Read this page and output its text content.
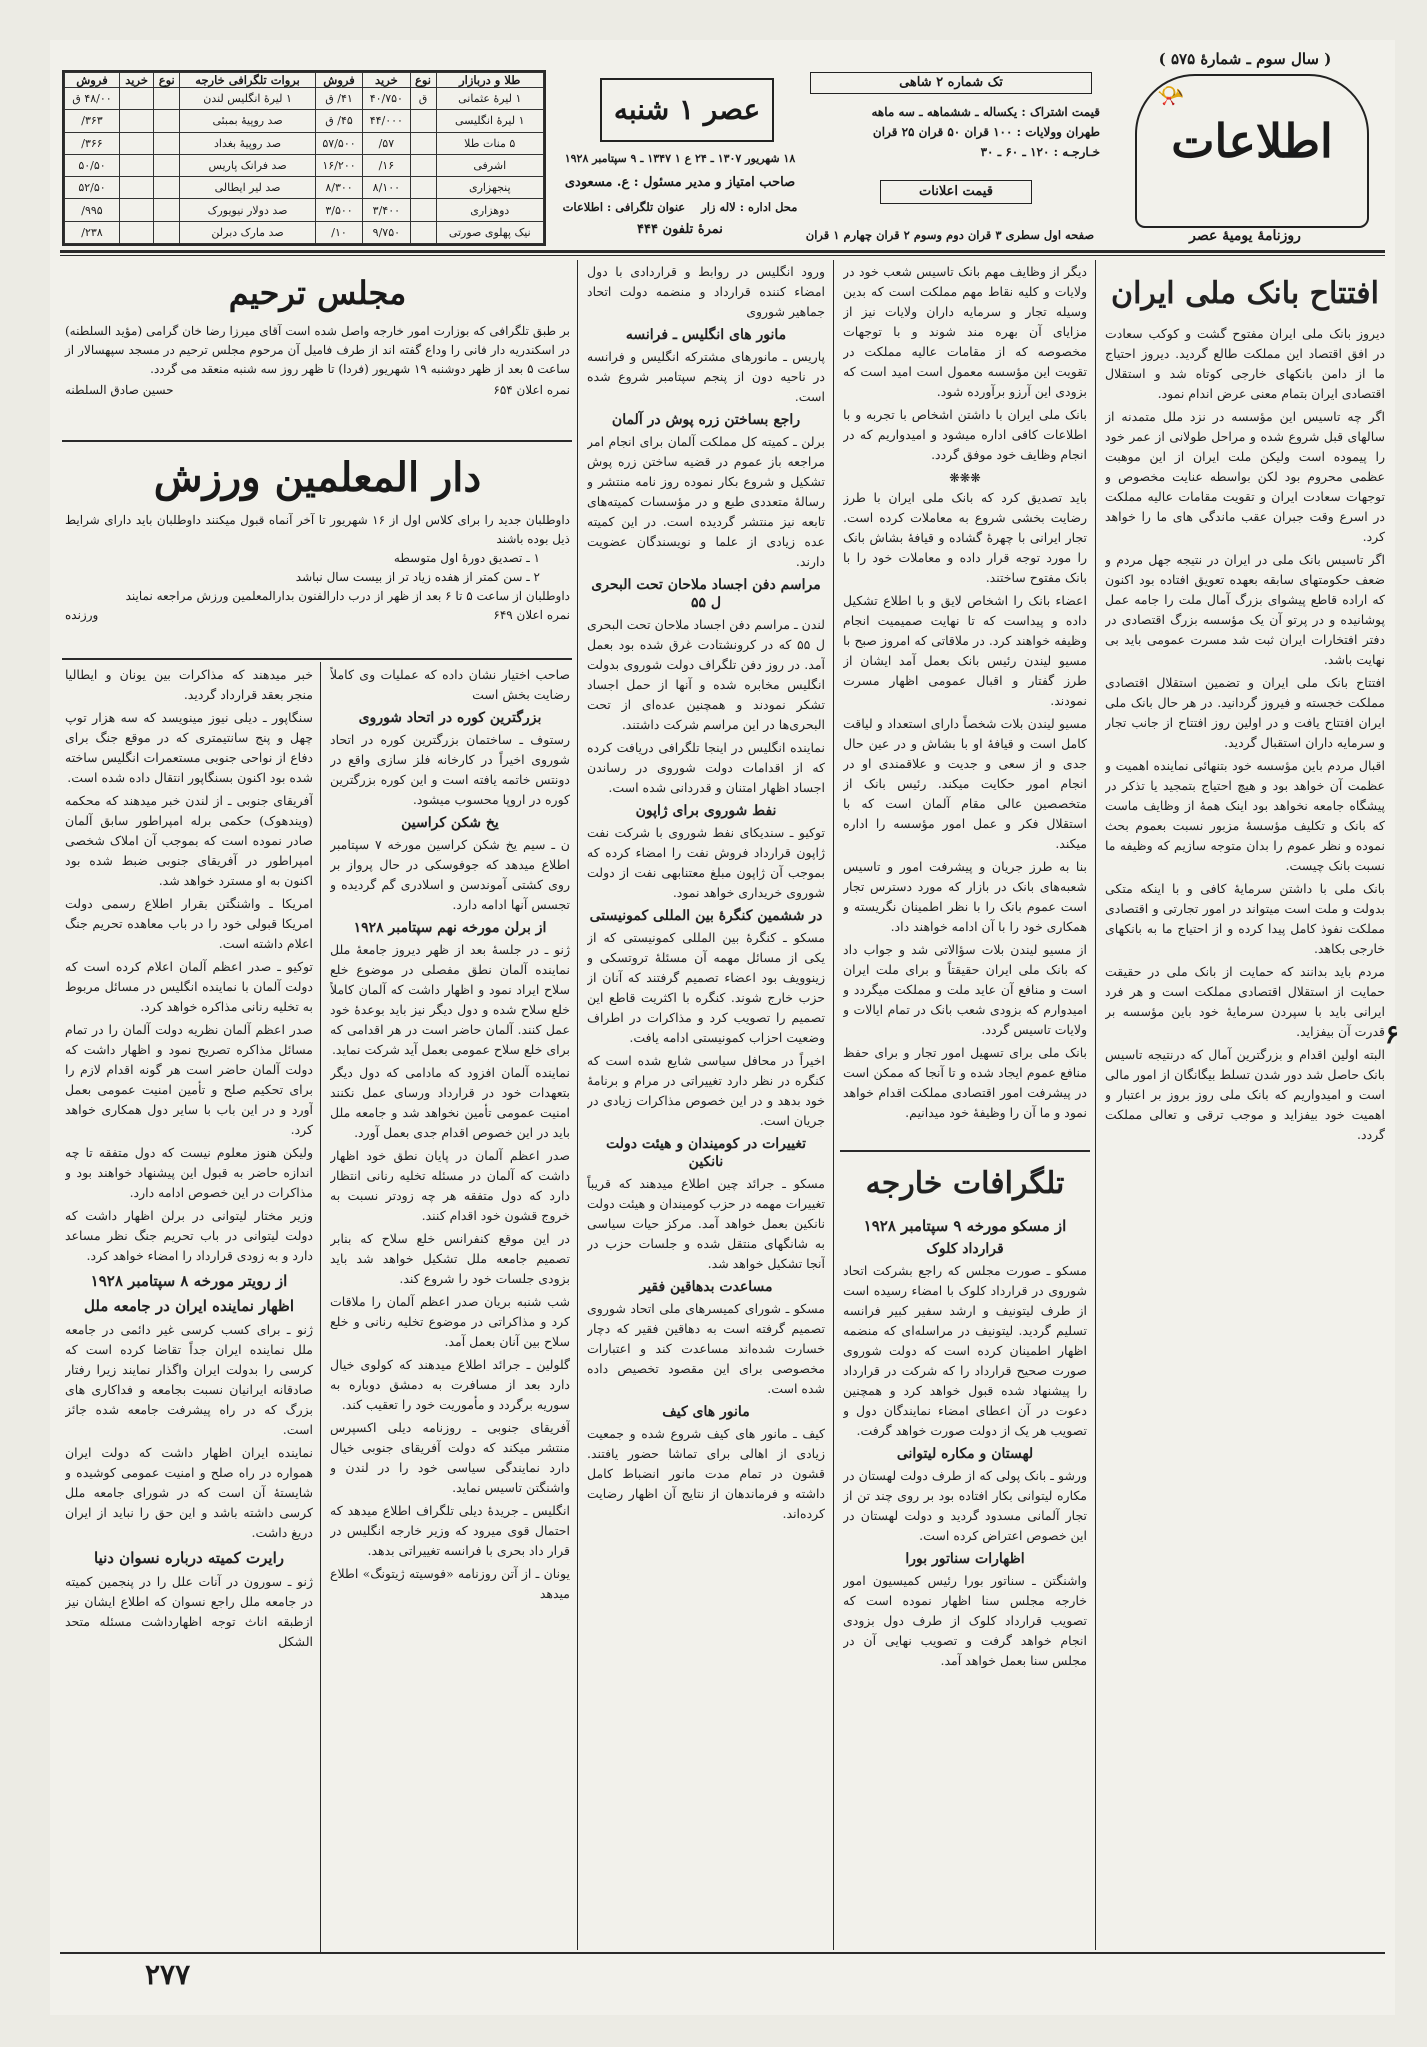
( سال سوم ـ شمارهٔ ۵۷۵ )
اطلاعات
📯
روزنامهٔ یومیهٔ عصر
تک شماره ۲ شاهی
قیمت اشتراک : یکساله ـ ششماهه ـ سه ماهه
طهران وولایات : ۱۰۰ قران ۵۰ قران ۲۵ قران
خـارجـه : ۱۲۰ ـ ۶۰ ـ ۳۰
قیمت اعلانات
صفحه اول سطری ۳ قران دوم وسوم ۲ قران چهارم ۱ قران
عصر ۱ شنبه
۱۸ شهریور ۱۳۰۷ ـ ۲۴ ع ۱ ۱۳۴۷ ـ ۹ سپتامبر ۱۹۲۸
صاحب امتیاز و مدیر مسئول : ع. مسعودی
محل اداره : لاله زار    عنوان تلگرافی : اطلاعات
نمرهٔ تلفون ۴۴۴
طلا و دربازار	نوع	خرید	فروش	بروات تلگرافی خارجه	نوع	خرید	فروش
۱ لیرهٔ عثمانی	ق	۴۰/۷۵۰	۴۱/ ق	۱ لیرهٔ انگلیس لندن			۴۸/۰۰ ق
۱ لیرهٔ انگلیسی		۴۴/۰۰۰	۴۵/ ق	صد روپیهٔ بمبئی			۳۶۳/
۵ منات طلا		۵۷/	۵۷/۵۰۰	صد روپیهٔ بغداد			۳۶۶/
اشرفی		۱۶/	۱۶/۲۰۰	صد فرانک پاریس			۵۰/۵۰
پنجهزاری		۸/۱۰۰	۸/۳۰۰	صد لیر ایطالی			۵۲/۵۰
دوهزاری		۳/۴۰۰	۳/۵۰۰	صد دولار نیویورک			۹۹۵/
نیک پهلوی صورتی		۹/۷۵۰	۱۰/	صد مارک دبرلن			۲۳۸/
افتتاح بانک ملی ایران

دیروز بانک ملی ایران مفتوح گشت و کوکب سعادت در افق اقتصاد این مملکت طالع گردید. دیروز احتیاج ما از دامن بانکهای خارجی کوتاه شد و استقلال اقتصادی ایران بتمام معنی عرض اندام نمود.

اگر چه تاسیس این مؤسسه در نزد ملل متمدنه از سالهای قبل شروع شده و مراحل طولانی از عمر خود را پیموده است ولیکن ملت ایران از این موهبت عظمی محروم بود لکن بواسطه عنایت مخصوص و توجهات سعادت ایران و تقویت مقامات عالیه مملکت در اسرع وقت جبران عقب ماندگی های ما را خواهد کرد.

اگر تاسیس بانک ملی در ایران در نتیجه جهل مردم و ضعف حکومتهای سابقه بعهده تعویق افتاده بود اکنون که اراده قاطع پیشوای بزرگ آمال ملت را جامه عمل پوشانیده و در پرتو آن یک مؤسسه بزرگ اقتصادی در دفتر افتخارات ایران ثبت شد مسرت عمومی باید بی نهایت باشد.

افتتاح بانک ملی ایران و تضمین استقلال اقتصادی مملکت خجسته و فیروز گردانید. در هر حال بانک ملی ایران افتتاح یافت و در اولین روز افتتاح از جانب تجار و سرمایه داران استقبال گردید.

اقبال مردم باین مؤسسه خود بتنهائی نماینده اهمیت و عظمت آن خواهد بود و هیچ احتیاج بتمجید یا تذکر در پیشگاه جامعه نخواهد بود اینک همهٔ از وظایف ماست که بانک و تکلیف مؤسسهٔ مزبور نسبت بعموم بحث نموده و نظر عموم را بدان متوجه سازیم که وظیفه ما نسبت بانک چیست.

بانک ملی با داشتن سرمایهٔ کافی و با اینکه متکی بدولت و ملت است میتواند در امور تجارتی و اقتصادی مملکت نفوذ کامل پیدا کرده و از احتیاج ما به بانکهای خارجی بکاهد.

مردم باید بدانند که حمایت از بانک ملی در حقیقت حمایت از استقلال اقتصادی مملکت است و هر فرد ایرانی باید با سپردن سرمایهٔ خود باین مؤسسه بر قدرت آن بیفزاید.

البته اولین اقدام و بزرگترین آمال که درنتیجه تاسیس بانک حاصل شد دور شدن تسلط بیگانگان از امور مالی است و امیدواریم که بانک ملی روز بروز بر اعتبار و اهمیت خود بیفزاید و موجب ترقی و تعالی مملکت گردد.

دیگر از وظایف مهم بانک تاسیس شعب خود در ولایات و کلیه نقاط مهم مملکت است که بدین وسیله تجار و سرمایه داران ولایات نیز از مزایای آن بهره مند شوند و با توجهات مخصوصه که از مقامات عالیه مملکت در تقویت این مؤسسه معمول است امید است که بزودی این آرزو برآورده شود.

بانک ملی ایران با داشتن اشخاص با تجربه و با اطلاعات کافی اداره میشود و امیدواریم که در انجام وظایف خود موفق گردد.

❋❋❋

باید تصدیق کرد که بانک ملی ایران با طرز رضایت بخشی شروع به معاملات کرده است. تجار ایرانی با چهرهٔ گشاده و قیافهٔ بشاش بانک را مورد توجه قرار داده و معاملات خود را با بانک مفتوح ساختند.

اعضاء بانک را اشخاص لایق و با اطلاع تشکیل داده و پیداست که تا نهایت صمیمیت انجام وظیفه خواهند کرد. در ملاقاتی که امروز صبح با مسیو لیندن رئیس بانک بعمل آمد ایشان از طرز گفتار و اقبال عمومی اظهار مسرت نمودند.

مسیو لیندن بلات شخصاً دارای استعداد و لیاقت کامل است و قیافهٔ او با بشاش و در عین حال جدی و از سعی و جدیت و علاقمندی او در انجام امور حکایت میکند. رئیس بانک از متخصصین عالی مقام آلمان است که با استقلال فکر و عمل امور مؤسسه را اداره میکند.

بنا به طرز جریان و پیشرفت امور و تاسیس شعبه‌های بانک در بازار که مورد دسترس تجار است عموم بانک را با نظر اطمینان نگریسته و همکاری خود را با آن ادامه خواهند داد.

از مسیو لیندن بلات سؤالاتی شد و جواب داد که بانک ملی ایران حقیقتاً و برای ملت ایران است و منافع آن عاید ملت و مملکت میگردد و امیدوارم که بزودی شعب بانک در تمام ایالات و ولایات تاسیس گردد.

بانک ملی برای تسهیل امور تجار و برای حفظ منافع عموم ایجاد شده و تا آنجا که ممکن است در پیشرفت امور اقتصادی مملکت اقدام خواهد نمود و ما آن را وظیفهٔ خود میدانیم.

تلگرافات خارجه
از مسکو مورخه ۹ سپتامبر ۱۹۲۸
قرارداد کلوک

مسکو ـ صورت مجلس که راجع بشرکت اتحاد شوروی در قرارداد کلوک با امضاء رسیده است از طرف لیتونیف و ارشد سفیر کبیر فرانسه تسلیم گردید. لیتونیف در مراسله‌ای که منضمه اظهار اطمینان کرده است که دولت شوروی صورت صحیح قرارداد را که شرکت در قرارداد را پیشنهاد شده قبول خواهد کرد و همچنین دعوت در آن اعطای امضاء نمایندگان دول و تصویب هر یک از دولت صورت خواهد گرفت.

لهستان و مکاره لیتوانی

ورشو ـ بانک پولی که از طرف دولت لهستان در مکاره لیتوانی بکار افتاده بود بر روی چند تن از تجار آلمانی مسدود گردید و دولت لهستان در این خصوص اعتراض کرده است.

اظهارات سناتور بورا

واشنگتن ـ سناتور بورا رئیس کمیسیون امور خارجه مجلس سنا اظهار نموده است که تصویب قرارداد کلوک از طرف دول بزودی انجام خواهد گرفت و تصویب نهایی آن در مجلس سنا بعمل خواهد آمد.

ورود انگلیس در روابط و قراردادی با دول امضاء کننده قرارداد و منضمه دولت اتحاد جماهیر شوروی

مانور های انگلیس ـ فرانسه

پاریس ـ مانورهای مشترکه انگلیس و فرانسه در ناحیه دون از پنجم سپتامبر شروع شده است.

راجع بساختن زره پوش در آلمان

برلن ـ کمیته کل مملکت آلمان برای انجام امر مراجعه باز عموم در قضیه ساختن زره پوش تشکیل و شروع بکار نموده روز نامه منتشر و رسالهٔ متعددی طبع و در مؤسسات کمیته‌های تابعه نیز منتشر گردیده است. در این کمیته عده زیادی از علما و نویسندگان عضویت دارند.

مراسم دفن اجساد ملاحان تحت البحری ل ۵۵

لندن ـ مراسم دفن اجساد ملاحان تحت البحری ل ۵۵ که در کرونشتادت غرق شده بود بعمل آمد. در روز دفن تلگراف دولت شوروی بدولت انگلیس مخابره شده و آنها از حمل اجساد تشکر نمودند و همچنین عده‌ای از تحت البحری‌ها در این مراسم شرکت داشتند.

نماینده انگلیس در اینجا تلگرافی دریافت کرده که از اقدامات دولت شوروی در رساندن اجساد اظهار امتنان و قدردانی شده است.

نفط شوروی برای ژاپون

توکیو ـ سندیکای نفط شوروی با شرکت نفت ژاپون قرارداد فروش نفت را امضاء کرده که بموجب آن ژاپون مبلغ معتنابهی نفت از دولت شوروی خریداری خواهد نمود.

در ششمین کنگرهٔ بین المللی کمونیستی

مسکو ـ کنگرهٔ بین المللی کمونیستی که از یکی از مسائل مهمه آن مسئلهٔ تروتسکی و زینوویف بود اعضاء تصمیم گرفتند که آنان از حزب خارج شوند. کنگره با اکثریت قاطع این تصمیم را تصویب کرد و مذاکرات در اطراف وضعیت احزاب کمونیستی ادامه یافت.

اخیراً در محافل سیاسی شایع شده است که کنگره در نظر دارد تغییراتی در مرام و برنامهٔ خود بدهد و در این خصوص مذاکرات زیادی در جریان است.

تغییرات در کومیندان و هیئت دولت نانکین

مسکو ـ جرائد چین اطلاع میدهند که قریباً تغییرات مهمه در حزب کومیندان و هیئت دولت نانکین بعمل خواهد آمد. مرکز حیات سیاسی به شانگهای منتقل شده و جلسات حزب در آنجا تشکیل خواهد شد.

مساعدت بدهاقین فقیر

مسکو ـ شورای کمیسرهای ملی اتحاد شوروی تصمیم گرفته است به دهاقین فقیر که دچار خسارت شده‌اند مساعدت کند و اعتبارات مخصوصی برای این مقصود تخصیص داده شده است.

مانور های کیف

کیف ـ مانور های کیف شروع شده و جمعیت زیادی از اهالی برای تماشا حضور یافتند. قشون در تمام مدت مانور انضباط کامل داشته و فرماندهان از نتایج آن اظهار رضایت کرده‌اند.

مجلس ترحیم
بر طبق تلگرافی که بوزارت امور خارجه واصل شده است آقای میرزا رضا خان گرامی (مؤید السلطنه) در اسکندریه دار فانی را وداع گفته اند از طرف فامیل آن مرحوم مجلس ترحیم در مسجد سپهسالار از ساعت ۵ بعد از ظهر دوشنبه ۱۹ شهریور (فردا) تا ظهر روز سه شنبه منعقد می گردد.
نمره اعلان ۶۵۴
حسین صادق السلطنه
دار المعلمین ورزش
داوطلبان جدید را برای کلاس اول از ۱۶ شهریور تا آخر آنماه قبول میکنند داوطلبان باید دارای شرایط ذیل بوده باشند
۱ ـ تصدیق دورهٔ اول متوسطه
۲ ـ سن کمتر از هفده زیاد تر از بیست سال نباشد
داوطلبان از ساعت ۵ تا ۶ بعد از ظهر از درب دارالفنون بدارالمعلمین ورزش مراجعه نمایند
نمره اعلان ۶۴۹
ورزنده

صاحب اختیار نشان داده که عملیات وی کاملاً رضایت بخش است

بزرگترین کوره در اتحاد شوروی

رستوف ـ ساختمان بزرگترین کوره در اتحاد شوروی اخیراً در کارخانه فلز سازی واقع در دونتس خاتمه یافته است و این کوره بزرگترین کوره در اروپا محسوب میشود.

یخ شکن کراسین

ن ـ سیم یخ شکن کراسین مورخه ۷ سپتامبر اطلاع میدهد که جوفوسکی در حال پرواز بر روی کشتی آموندسن و اسلادری گم گردیده و تجسس آنها ادامه دارد.

از برلن مورخه نهم سپتامبر ۱۹۲۸

ژنو ـ در جلسهٔ بعد از ظهر دیروز جامعهٔ ملل نماینده آلمان نطق مفصلی در موضوع خلع سلاح ایراد نمود و اظهار داشت که آلمان کاملاً خلع سلاح شده و دول دیگر نیز باید بوعدهٔ خود عمل کنند. آلمان حاضر است در هر اقدامی که برای خلع سلاح عمومی بعمل آید شرکت نماید.

نماینده آلمان افزود که مادامی که دول دیگر بتعهدات خود در قرارداد ورسای عمل نکنند امنیت عمومی تأمین نخواهد شد و جامعه ملل باید در این خصوص اقدام جدی بعمل آورد.

صدر اعظم آلمان در پایان نطق خود اظهار داشت که آلمان در مسئله تخلیه رنانی انتظار دارد که دول متفقه هر چه زودتر نسبت به خروج قشون خود اقدام کنند.

در این موقع کنفرانس خلع سلاح که بنابر تصمیم جامعه ملل تشکیل خواهد شد باید بزودی جلسات خود را شروع کند.

شب شنبه بریان صدر اعظم آلمان را ملاقات کرد و مذاکراتی در موضوع تخلیه رنانی و خلع سلاح بین آنان بعمل آمد.

گلولین ـ جرائد اطلاع میدهند که کولوی خیال دارد بعد از مسافرت به دمشق دوباره به سوریه برگردد و مأموریت خود را تعقیب کند.

آفریقای جنوبی ـ روزنامه دیلی اکسپرس منتشر میکند که دولت آفریقای جنوبی خیال دارد نمایندگی سیاسی خود را در لندن و واشنگتن تاسیس نماید.

انگلیس ـ جریدهٔ دیلی تلگراف اطلاع میدهد که احتمال قوی میرود که وزیر خارجه انگلیس در قرار داد بحری با فرانسه تغییراتی بدهد.

یونان ـ از آتن روزنامه «فوسیته ژیتونگ» اطلاع میدهد

خبر میدهند که مذاکرات بین یونان و ایطالیا منجر بعقد قرارداد گردید.

سنگاپور ـ دیلی نیوز مینویسد که سه هزار توپ چهل و پنج سانتیمتری که در موقع جنگ برای دفاع از نواحی جنوبی مستعمرات انگلیس ساخته شده بود اکنون بسنگاپور انتقال داده شده است.

آفریقای جنوبی ـ از لندن خبر میدهند که محکمه (ویندهوک) حکمی برله امپراطور سابق آلمان صادر نموده است که بموجب آن املاک شخصی امپراطور در آفریقای جنوبی ضبط شده بود اکنون به او مسترد خواهد شد.

امریکا ـ واشنگتن بقرار اطلاع رسمی دولت امریکا قبولی خود را در باب معاهده تحریم جنگ اعلام داشته است.

توکیو ـ صدر اعظم آلمان اعلام کرده است که دولت آلمان با نماینده انگلیس در مسائل مربوط به تخلیه رنانی مذاکره خواهد کرد.

صدر اعظم آلمان نظریه دولت آلمان را در تمام مسائل مذاکره تصریح نمود و اظهار داشت که دولت آلمان حاضر است هر گونه اقدام لازم را برای تحکیم صلح و تأمین امنیت عمومی بعمل آورد و در این باب با سایر دول همکاری خواهد کرد.

ولیکن هنوز معلوم نیست که دول متفقه تا چه اندازه حاضر به قبول این پیشنهاد خواهند بود و مذاکرات در این خصوص ادامه دارد.

وزیر مختار لیتوانی در برلن اظهار داشت که دولت لیتوانی در باب تحریم جنگ نظر مساعد دارد و به زودی قرارداد را امضاء خواهد کرد.

از رویتر مورخه ۸ سپتامبر ۱۹۲۸
اظهار نماینده ایران در جامعه ملل

ژنو ـ برای کسب کرسی غیر دائمی در جامعه ملل نماینده ایران جداً تقاضا کرده است که کرسی را بدولت ایران واگذار نمایند زیرا رفتار صادقانه ایرانیان نسبت بجامعه و فداکاری های بزرگ که در راه پیشرفت جامعه شده جائز است.

نماینده ایران اظهار داشت که دولت ایران همواره در راه صلح و امنیت عمومی کوشیده و شایستهٔ آن است که در شورای جامعه ملل کرسی داشته باشد و این حق را نباید از ایران دریغ داشت.

رایرت کمیته درباره نسوان دنیا

ژنو ـ سورون در آنات علل را در پنجمین کمیته در جامعه ملل راجع نسوان که اطلاع ایشان نیز ازطبقه اناث توجه اظهارداشت مسئله متحد الشکل

۲۷۷
۶
